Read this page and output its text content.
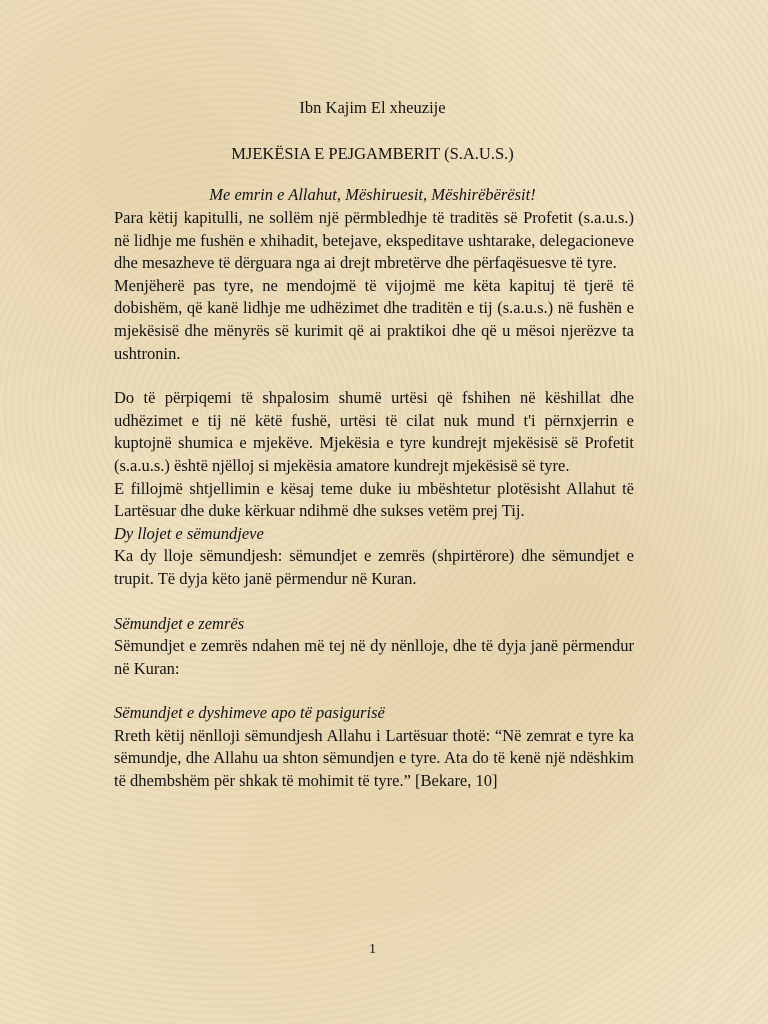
Ibn Kajim El xheuzije
MJEKËSIA E PEJGAMBERIT (S.A.U.S.)
Me emrin e Allahut, Mëshiruesit, Mëshirëbërësit!

Para këtij kapitulli, ne sollëm një përmbledhje të traditës së Profetit (s.a.u.s.) në lidhje me fushën e xhihadit, betejave, ekspeditave ushtarake, delegacioneve dhe mesazheve të dërguara nga ai drejt mbretërve dhe përfaqësuesve të tyre.

Menjëherë pas tyre, ne mendojmë të vijojmë me këta kapituj të tjerë të dobishëm, që kanë lidhje me udhëzimet dhe traditën e tij (s.a.u.s.) në fushën e mjekësisë dhe mënyrës së kurimit që ai praktikoi dhe që u mësoi njerëzve ta ushtronin.

Do të përpiqemi të shpalosim shumë urtësi që fshihen në këshillat dhe udhëzimet e tij në këtë fushë, urtësi të cilat nuk mund t'i përnxjerrin e kuptojnë shumica e mjekëve. Mjekësia e tyre kundrejt mjekësisë së Profetit (s.a.u.s.) është njëlloj si mjekësia amatore kundrejt mjekësisë së tyre.

E fillojmë shtjellimin e kësaj teme duke iu mbështetur plotësisht Allahut të Lartësuar dhe duke kërkuar ndihmë dhe sukses vetëm prej Tij.

Dy llojet e sëmundjeve

Ka dy lloje sëmundjesh: sëmundjet e zemrës (shpirtërore) dhe sëmundjet e trupit. Të dyja këto janë përmendur në Kuran.

Sëmundjet e zemrës

Sëmundjet e zemrës ndahen më tej në dy nënlloje, dhe të dyja janë përmendur në Kuran:

Sëmundjet e dyshimeve apo të pasigurisë

Rreth këtij nënlloji sëmundjesh Allahu i Lartësuar thotë: “Në zemrat e tyre ka sëmundje, dhe Allahu ua shton sëmundjen e tyre. Ata do të kenë një ndëshkim të dhembshëm për shkak të mohimit të tyre.” [Bekare, 10]

1
